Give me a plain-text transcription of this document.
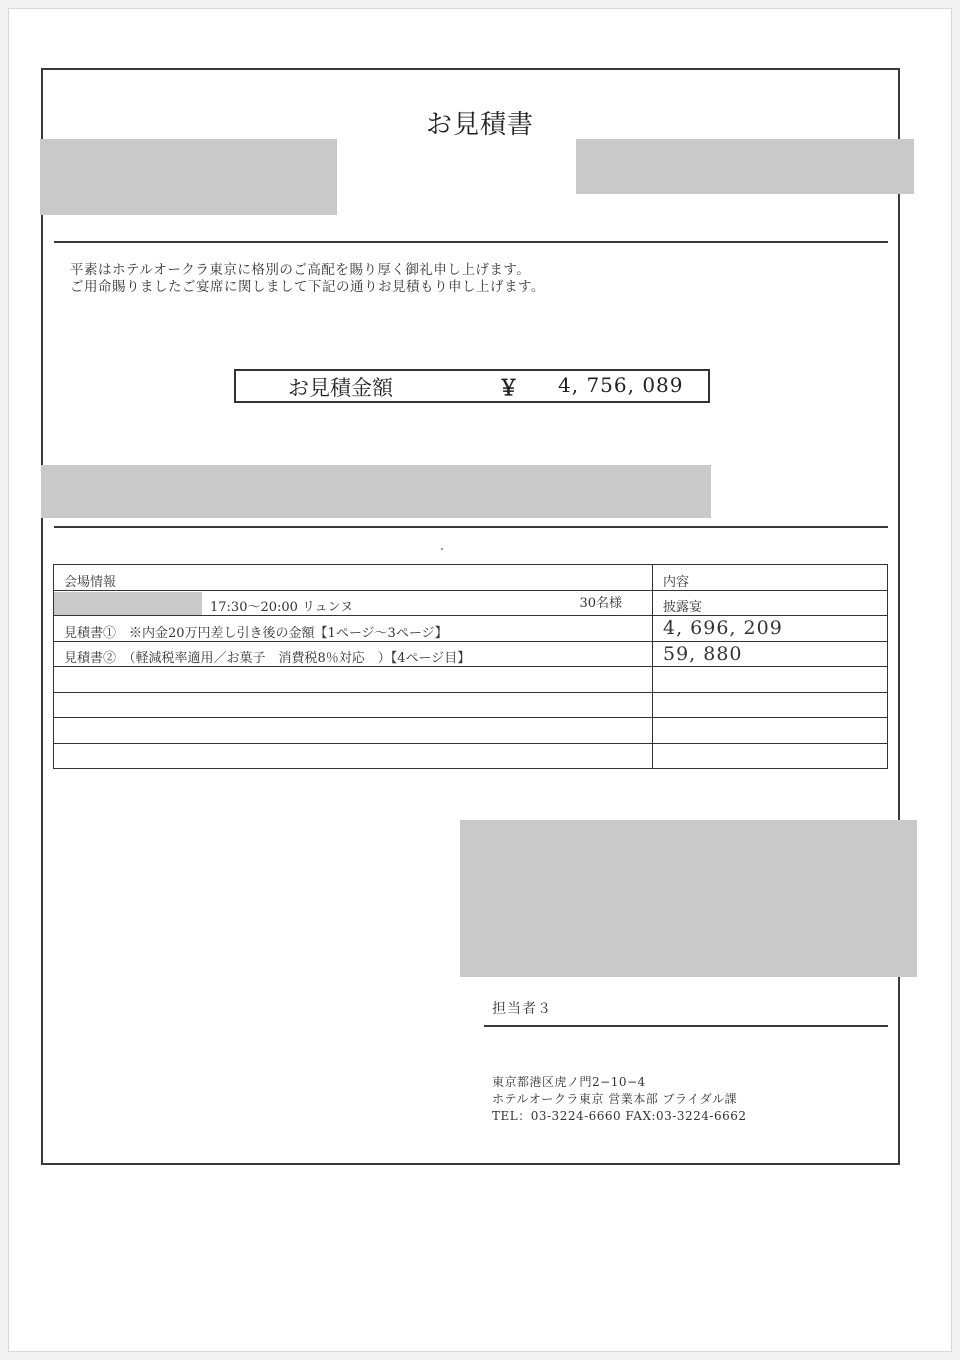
お見積書
平素はホテルオークラ東京に格別のご高配を賜り厚く御礼申し上げます。
ご用命賜りましたご宴席に関しまして下記の通りお見積もり申し上げます。
お見積金額	￥ 4, 756, 089
会場情報	内容
17:30〜20:00 リュンヌ 30名様	披露宴
見積書①　※内金20万円差し引き後の金額【1ページ〜3ページ】	4, 696, 209
見積書②　（軽減税率適用／お菓子　消費税8％対応　）【4ページ目】	59, 880

担当者３
東京都港区虎ノ門2−10−4
ホテルオークラ東京 営業本部 ブライダル課
TEL：03-3224-6660 FAX:03-3224-6662
